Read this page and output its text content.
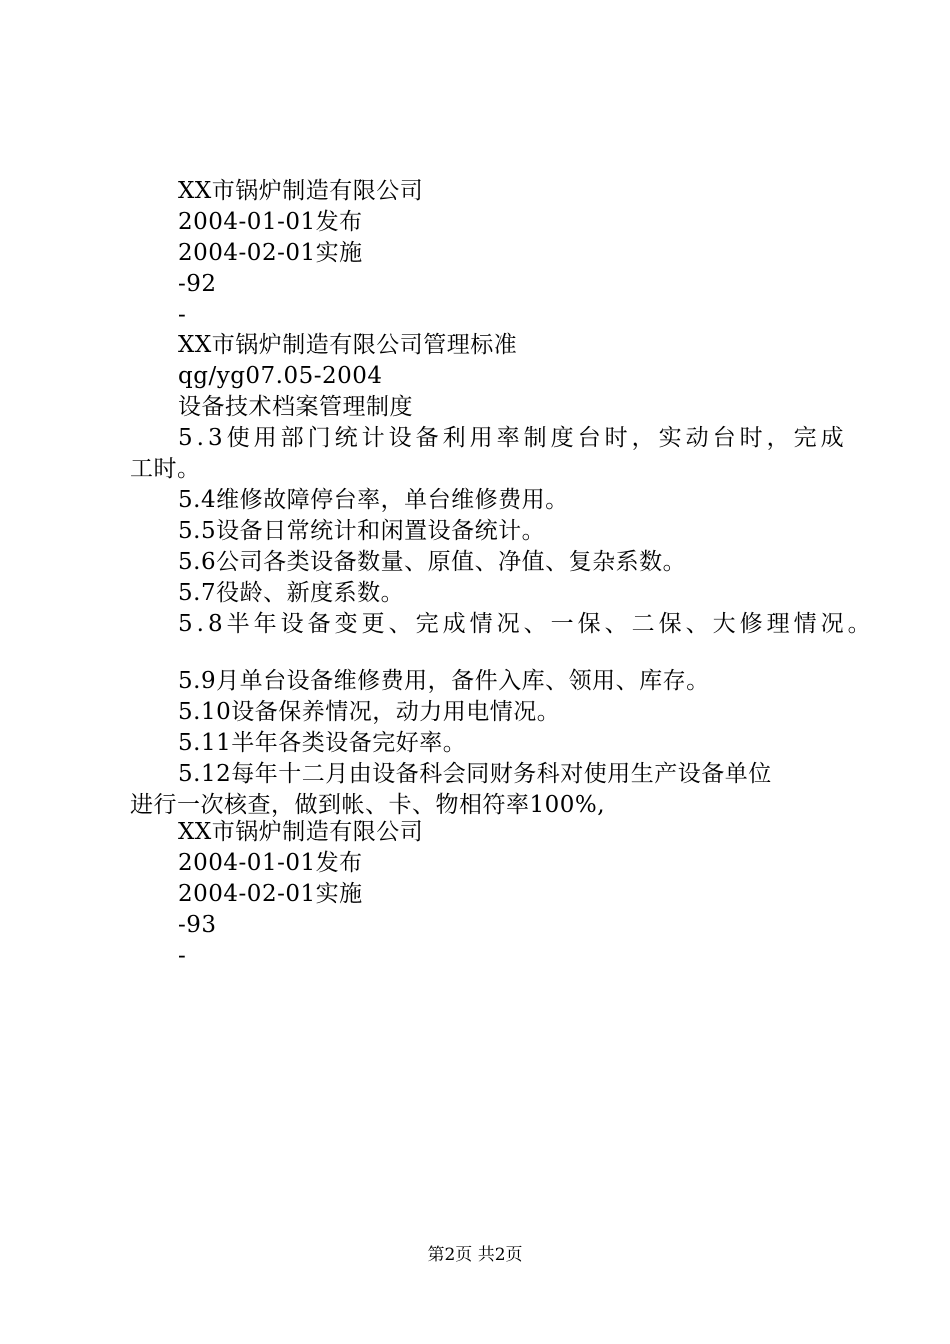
XX市锅炉制造有限公司
2004-01-01发布
2004-02-01实施
-92
-
XX市锅炉制造有限公司管理标准
qg/yg07.05-2004
设备技术档案管理制度
5.3使用部门统计设备利用率制度台时，实动台时，完成
工时。
5.4维修故障停台率，单台维修费用。
5.5设备日常统计和闲置设备统计。
5.6公司各类设备数量、原值、净值、复杂系数。
5.7役龄、新度系数。
5.8半年设备变更、完成情况、一保、二保、大修理情况。
5.9月单台设备维修费用，备件入库、领用、库存。
5.10设备保养情况，动力用电情况。
5.11半年各类设备完好率。
5.12每年十二月由设备科会同财务科对使用生产设备单位
进行一次核查，做到帐、卡、物相符率100%,
XX市锅炉制造有限公司
2004-01-01发布
2004-02-01实施
-93
-
第2页 共2页
